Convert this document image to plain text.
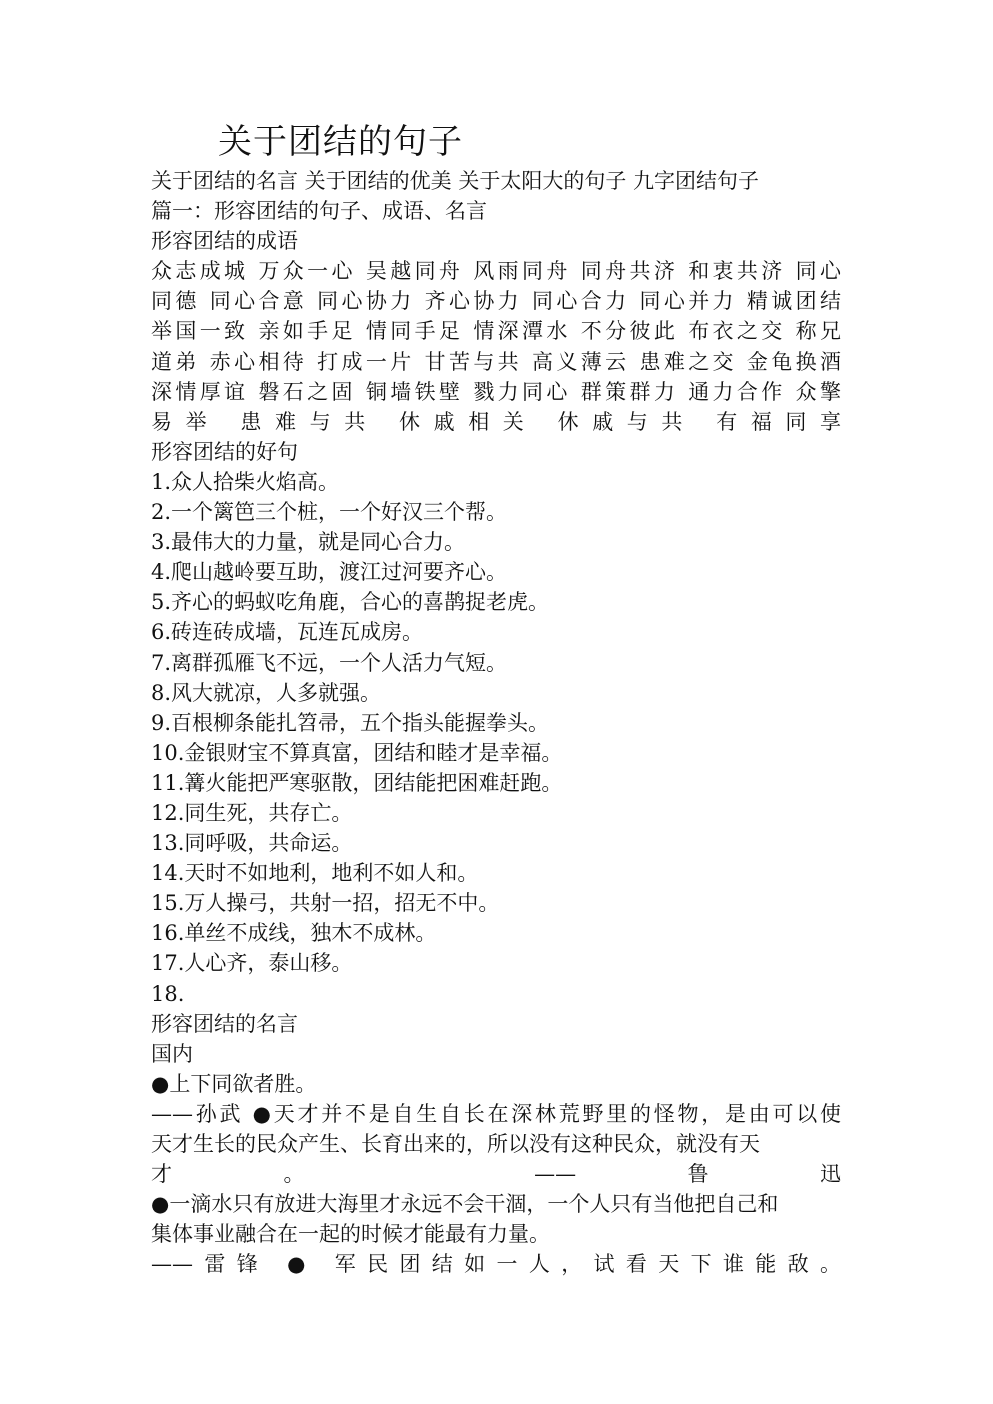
关于团结的句子
关于团结的名言 关于团结的优美 关于太阳大的句子 九字团结句子
篇一：形容团结的句子、成语、名言
形容团结的成语
众志成城 万众一心 吴越同舟 风雨同舟 同舟共济 和衷共济 同心
同德 同心合意 同心协力 齐心协力 同心合力 同心并力 精诚团结
举国一致 亲如手足 情同手足 情深潭水 不分彼此 布衣之交 称兄
道弟 赤心相待 打成一片 甘苦与共 高义薄云 患难之交 金龟换酒
深情厚谊 磐石之固 铜墙铁壁 戮力同心 群策群力 通力合作 众擎
易举 患难与共 休戚相关 休戚与共 有福同享
形容团结的好句
1.众人拾柴火焰高。
2.一个篱笆三个桩，一个好汉三个帮。
3.最伟大的力量，就是同心合力。
4.爬山越岭要互助，渡江过河要齐心。
5.齐心的蚂蚁吃角鹿，合心的喜鹊捉老虎。
6.砖连砖成墙，瓦连瓦成房。
7.离群孤雁飞不远，一个人活力气短。
8.风大就凉，人多就强。
9.百根柳条能扎笤帚，五个指头能握拳头。
10.金银财宝不算真富，团结和睦才是幸福。
11.篝火能把严寒驱散，团结能把困难赶跑。
12.同生死，共存亡。
13.同呼吸，共命运。
14.天时不如地利，地利不如人和。
15.万人操弓，共射一招，招无不中。
16.单丝不成线，独木不成林。
17.人心齐，泰山移。
18.
形容团结的名言
国内
●上下同欲者胜。
——孙武 ●天才并不是自生自长在深林荒野里的怪物，是由可以使
天才生长的民众产生、长育出来的，所以没有这种民众，就没有天
才。 ——鲁迅
●一滴水只有放进大海里才永远不会干涸，一个人只有当他把自己和
集体事业融合在一起的时候才能最有力量。
——雷锋 ● 军民团结如一人，试看天下谁能敌。
